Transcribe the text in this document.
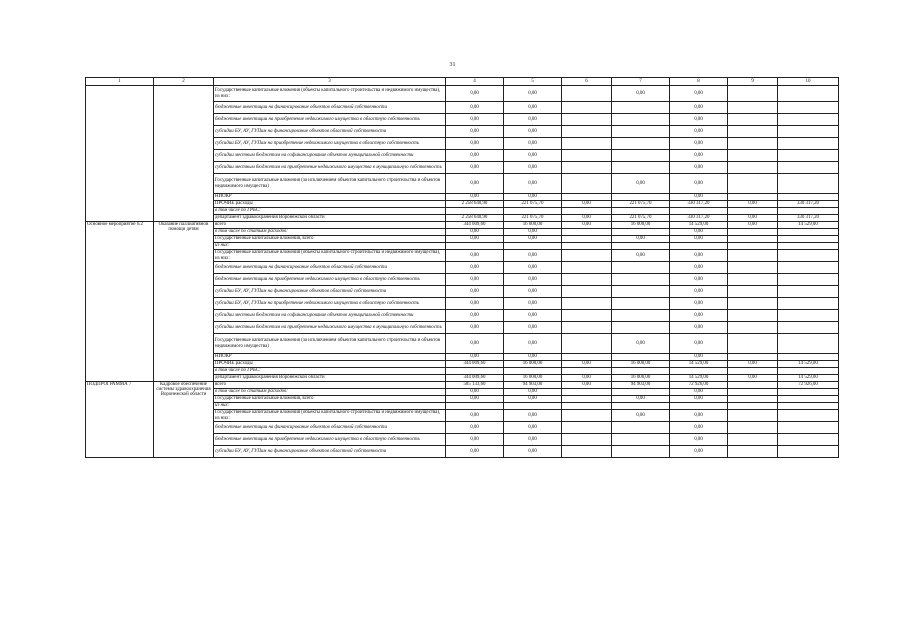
31
1	2	3	4	5	6	7	8	9	10
		Государственные капитальные вложения (объекты капитального строительства и недвижимого имущества), из них:	0,00	0,00		0,00	0,00		
		бюджетные инвестиции на финансирование объектов областной собственности	0,00	0,00			0,00		
		бюджетные инвестиции на приобретение недвижимого имущества в областную собственность	0,00	0,00			0,00		
		субсидии БУ, АУ, ГУПам на финансирование объектов областной собственности	0,00	0,00			0,00		
		субсидии БУ, АУ, ГУПам на приобретение недвижимого имущества в областную собственность	0,00	0,00			0,00		
		субсидии местным бюджетам на софинансирование объектов муниципальной собственности	0,00	0,00			0,00		
		субсидии местным бюджетам на приобретение недвижимого имущества в муниципальную собственность	0,00	0,00			0,00		
		Государственные капитальные вложения (за исключением объектов капитального строительства и объектов недвижимого имущества)	0,00	0,00		0,00	0,00		
		НИОКР	0,00	0,00			0,00		
		ПРОЧИЕ расходы	2 258 640,90	221 075,70	0,00	221 075,70	330 317,20	0,00	330 317,20
		в том числе по ГРБС:							
		департамент здравоохранения Воронежской области	2 258 640,90	221 075,70	0,00	221 075,70	330 317,20	0,00	330 317,20
Основное мероприятие 6.2	Оказание паллиативной помощи детям	всего	344 009,60	16 000,00	0,00	16 000,00	14 529,00	0,00	14 529,00
		в том числе по статьям расходов:	0,00	0,00			0,00		
		Государственные капитальные вложения, всего	0,00	0,00		0,00	0,00		
		из них:							
		Государственные капитальные вложения (объекты капитального строительства и недвижимого имущества), из них:	0,00	0,00		0,00	0,00		
		бюджетные инвестиции на финансирование объектов областной собственности	0,00	0,00			0,00		
		бюджетные инвестиции на приобретение недвижимого имущества в областную собственность	0,00	0,00			0,00		
		субсидии БУ, АУ, ГУПам на финансирование объектов областной собственности	0,00	0,00			0,00		
		субсидии БУ, АУ, ГУПам на приобретение недвижимого имущества в областную собственность	0,00	0,00			0,00		
		субсидии местным бюджетам на софинансирование объектов муниципальной собственности	0,00	0,00			0,00		
		субсидии местным бюджетам на приобретение недвижимого имущества в муниципальную собственность	0,00	0,00			0,00		
		Государственные капитальные вложения (за исключением объектов капитального строительства и объектов недвижимого имущества)	0,00	0,00		0,00	0,00		
		НИОКР	0,00	0,00			0,00		
		ПРОЧИЕ расходы	344 009,60	16 000,00	0,00	16 000,00	14 529,00	0,00	14 529,00
		в том числе по ГРБС:							
		департамент здравоохранения Воронежской области	344 009,60	16 000,00	0,00	16 000,00	14 529,00	0,00	14 529,00
ПОДПРОГРАММА 7	Кадровое обеспечение системы здравоохранения Воронежской области	всего	585 133,60	94 903,00	0,00	94 903,00	72 926,00		72 926,00
		в том числе по статьям расходов:	0,00	0,00			0,00		
		Государственные капитальные вложения, всего	0,00	0,00		0,00	0,00		
		из них:							
		Государственные капитальные вложения (объекты капитального строительства и недвижимого имущества), из них:	0,00	0,00		0,00	0,00		
		бюджетные инвестиции на финансирование объектов областной собственности	0,00	0,00			0,00		
		бюджетные инвестиции на приобретение недвижимого имущества в областную собственность	0,00	0,00			0,00		
		субсидии БУ, АУ, ГУПам на финансирование объектов областной собственности	0,00	0,00			0,00		
